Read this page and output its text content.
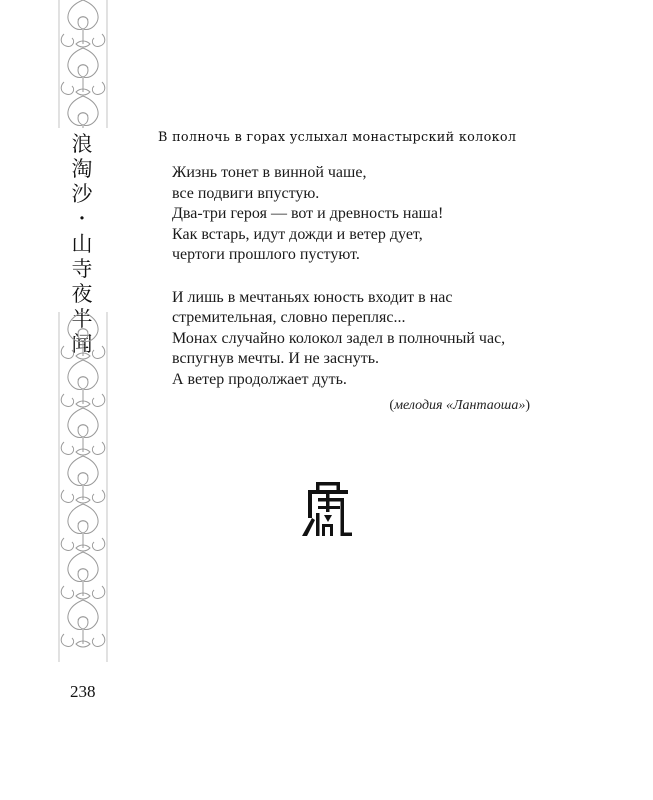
浪
淘
沙
・
山
寺
夜
半
闻
В полночь в горах услыхал монастырский колокол
Жизнь тонет в винной чаше,
все подвиги впустую.
Два-три героя — вот и древность наша!
Как встарь, идут дожди и ветер дует,
чертоги прошлого пустуют.
И лишь в мечтаньях юность входит в нас
стремительная, словно перепляс...
Монах случайно колокол задел в полночный час,
вспугнув мечты. И не заснуть.
А ветер продолжает дуть.
(мелодия «Лантаоша»)
238
